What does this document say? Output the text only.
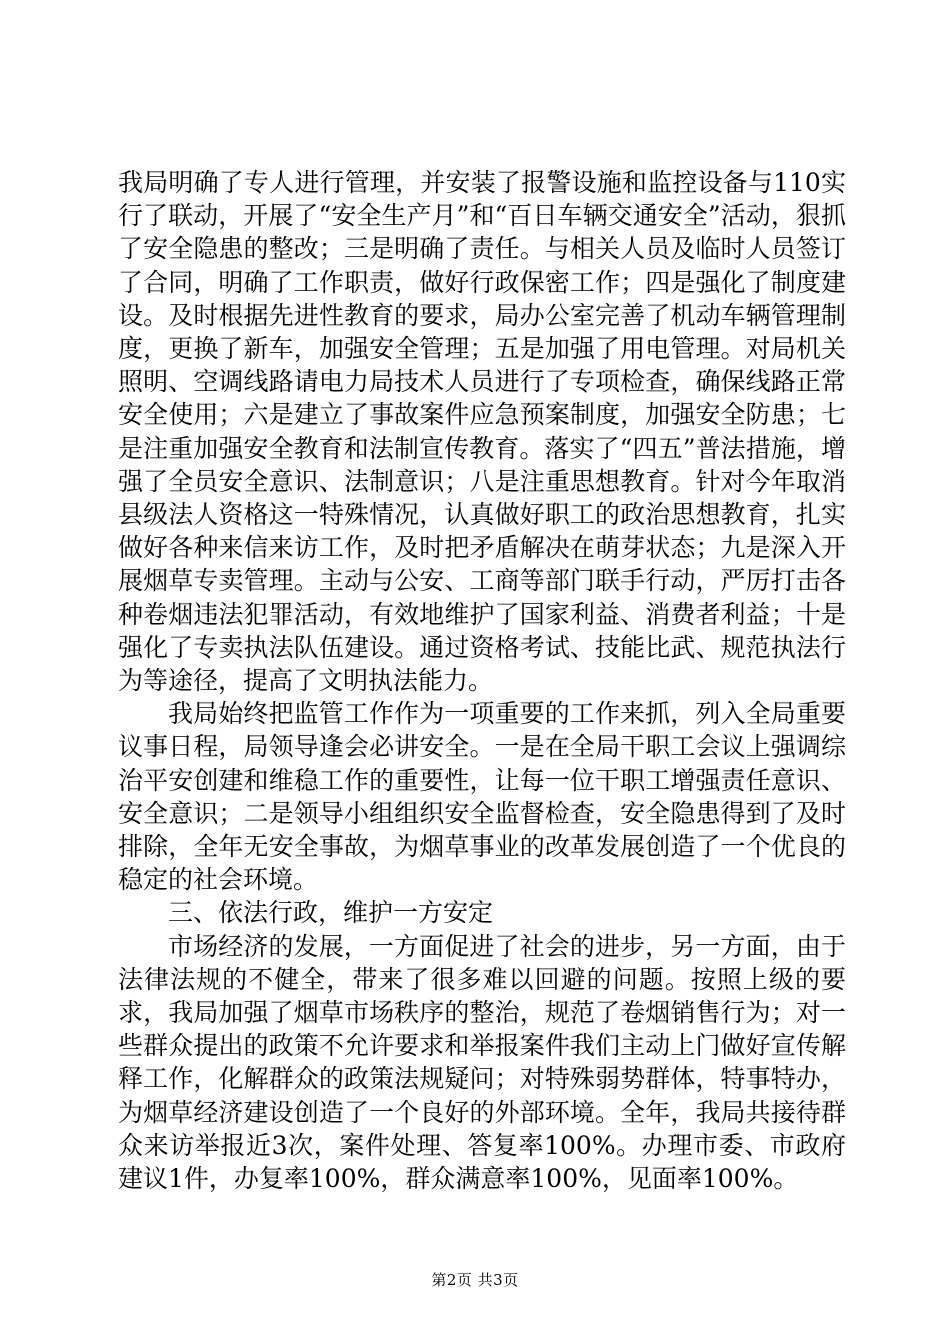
我局明确了专人进行管理，并安装了报警设施和监控设备与110实行了联动，开展了“安全生产月”和“百日车辆交通安全”活动，狠抓了安全隐患的整改；三是明确了责任。与相关人员及临时人员签订了合同，明确了工作职责，做好行政保密工作；四是强化了制度建设。及时根据先进性教育的要求，局办公室完善了机动车辆管理制度，更换了新车，加强安全管理；五是加强了用电管理。对局机关照明、空调线路请电力局技术人员进行了专项检查，确保线路正常安全使用；六是建立了事故案件应急预案制度，加强安全防患；七是注重加强安全教育和法制宣传教育。落实了“四五”普法措施，增强了全员安全意识、法制意识；八是注重思想教育。针对今年取消县级法人资格这一特殊情况，认真做好职工的政治思想教育，扎实做好各种来信来访工作，及时把矛盾解决在萌芽状态；九是深入开展烟草专卖管理。主动与公安、工商等部门联手行动，严厉打击各种卷烟违法犯罪活动，有效地维护了国家利益、消费者利益；十是强化了专卖执法队伍建设。通过资格考试、技能比武、规范执法行为等途径，提高了文明执法能力。

我局始终把监管工作作为一项重要的工作来抓，列入全局重要议事日程，局领导逢会必讲安全。一是在全局干职工会议上强调综治平安创建和维稳工作的重要性，让每一位干职工增强责任意识、安全意识；二是领导小组组织安全监督检查，安全隐患得到了及时排除，全年无安全事故，为烟草事业的改革发展创造了一个优良的稳定的社会环境。

三、依法行政，维护一方安定

市场经济的发展，一方面促进了社会的进步，另一方面，由于法律法规的不健全，带来了很多难以回避的问题。按照上级的要求，我局加强了烟草市场秩序的整治，规范了卷烟销售行为；对一些群众提出的政策不允许要求和举报案件我们主动上门做好宣传解释工作，化解群众的政策法规疑问；对特殊弱势群体，特事特办，为烟草经济建设创造了一个良好的外部环境。全年，我局共接待群众来访举报近3次，案件处理、答复率100%。办理市委、市政府建议1件，办复率100%，群众满意率100%，见面率100%。

第2页 共3页
